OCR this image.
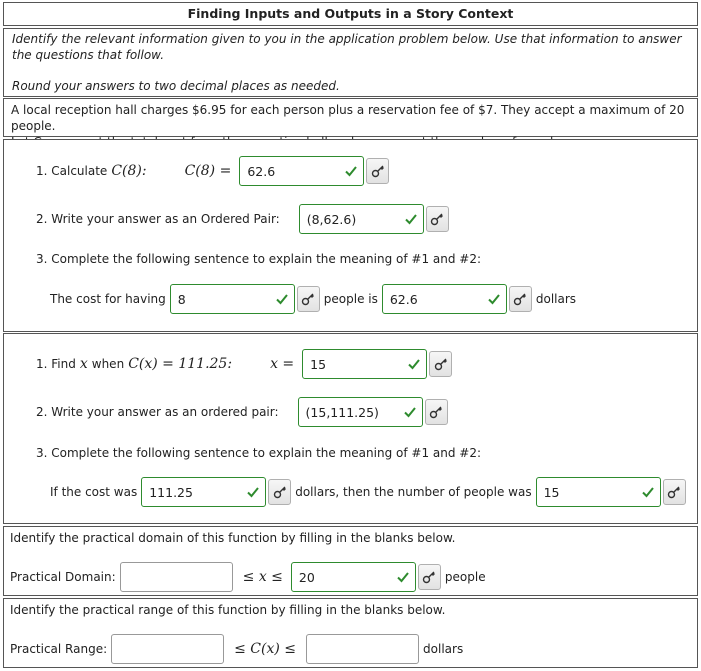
Finding Inputs and Outputs in a Story Context

Identify the relevant information given to you in the application problem below. Use that information to answer the questions that follow.

Round your answers to two decimal places as needed.

A local reception hall charges $6.95 for each person plus a reservation fee of $7. They accept a maximum of 20 people.
1. Calculate C(8):	C(8) = 62.6
2. Write your answer as an Ordered Pair: (8,62.6)
3. Complete the following sentence to explain the meaning of #1 and #2:
The cost for having 8	people is 62.6	dollars
1. Find x when C(x) = 111.25:	x = 15
2. Write your answer as an ordered pair: (15,111.25)
3. Complete the following sentence to explain the meaning of #1 and #2:
If the cost was 111.25	dollars, then the number of people was 15
Identify the practical domain of this function by filling in the blanks below.
Practical Domain:	≤ x ≤ 20	people
Identify the practical range of this function by filling in the blanks below.
Practical Range:	≤ C(x) ≤	dollars
